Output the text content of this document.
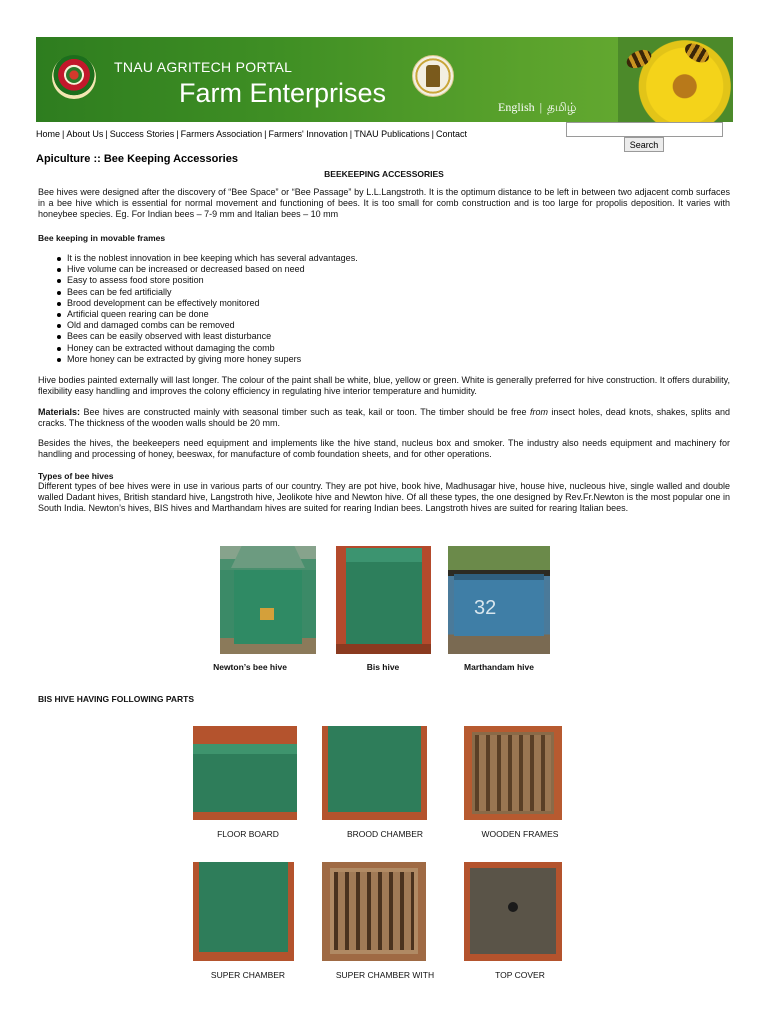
TNAU AGRITECH PORTAL
Farm Enterprises	English | தமிழ்
Home | About Us | Success Stories | Farmers Association | Farmers' Innovation | TNAU Publications | Contact
Search
Apiculture :: Bee Keeping Accessories
BEEKEEPING ACCESSORIES

Bee hives were designed after the discovery of “Bee Space” or “Bee Passage” by L.L.Langstroth. It is the optimum distance to be left in between two adjacent comb surfaces in a bee hive which is essential for normal movement and functioning of bees. It is too small for comb construction and is too large for propolis deposition. It varies with honeybee species. Eg. For Indian bees – 7-9 mm and Italian bees – 10 mm

Bee keeping in movable frames
It is the noblest innovation in bee keeping which has several advantages.
Hive volume can be increased or decreased based on need
Easy to assess food store position
Bees can be fed artificially
Brood development can be effectively monitored
Artificial queen rearing can be done
Old and damaged combs can be removed
Bees can be easily observed with least disturbance
Honey can be extracted without damaging the comb
More honey can be extracted by giving more honey supers

Hive bodies painted externally will last longer. The colour of the paint shall be white, blue, yellow or green. White is generally preferred for hive construction. It offers durability, flexibility easy handling and improves the colony efficiency in regulating hive interior temperature and humidity.

Materials: Bee hives are constructed mainly with seasonal timber such as teak, kail or toon. The timber should be free from insect holes, dead knots, shakes, splits and cracks. The thickness of the wooden walls should be 20 mm.

Besides the hives, the beekeepers need equipment and implements like the hive stand, nucleus box and smoker. The industry also needs equipment and machinery for handling and processing of honey, beeswax, for manufacture of comb foundation sheets, and for other operations.

Types of bee hives

Different types of bee hives were in use in various parts of our country. They are pot hive, book hive, Madhusagar hive, house hive, nucleous hive, single walled and double walled Dadant hives, British standard hive, Langstroth hive, Jeolikote hive and Newton hive. Of all these types, the one designed by Rev.Fr.Newton is the most popular one in South India. Newton’s hives, BIS hives and Marthandam hives are suited for rearing Indian bees. Langstroth hives are suited for rearing Italian bees.

Newton’s bee hive	Bis hive
32
Marthandam hive
BIS HIVE HAVING FOLLOWING PARTS
FLOOR BOARD	BROOD CHAMBER	WOODEN FRAMES
SUPER CHAMBER	SUPER CHAMBER WITH	TOP COVER
